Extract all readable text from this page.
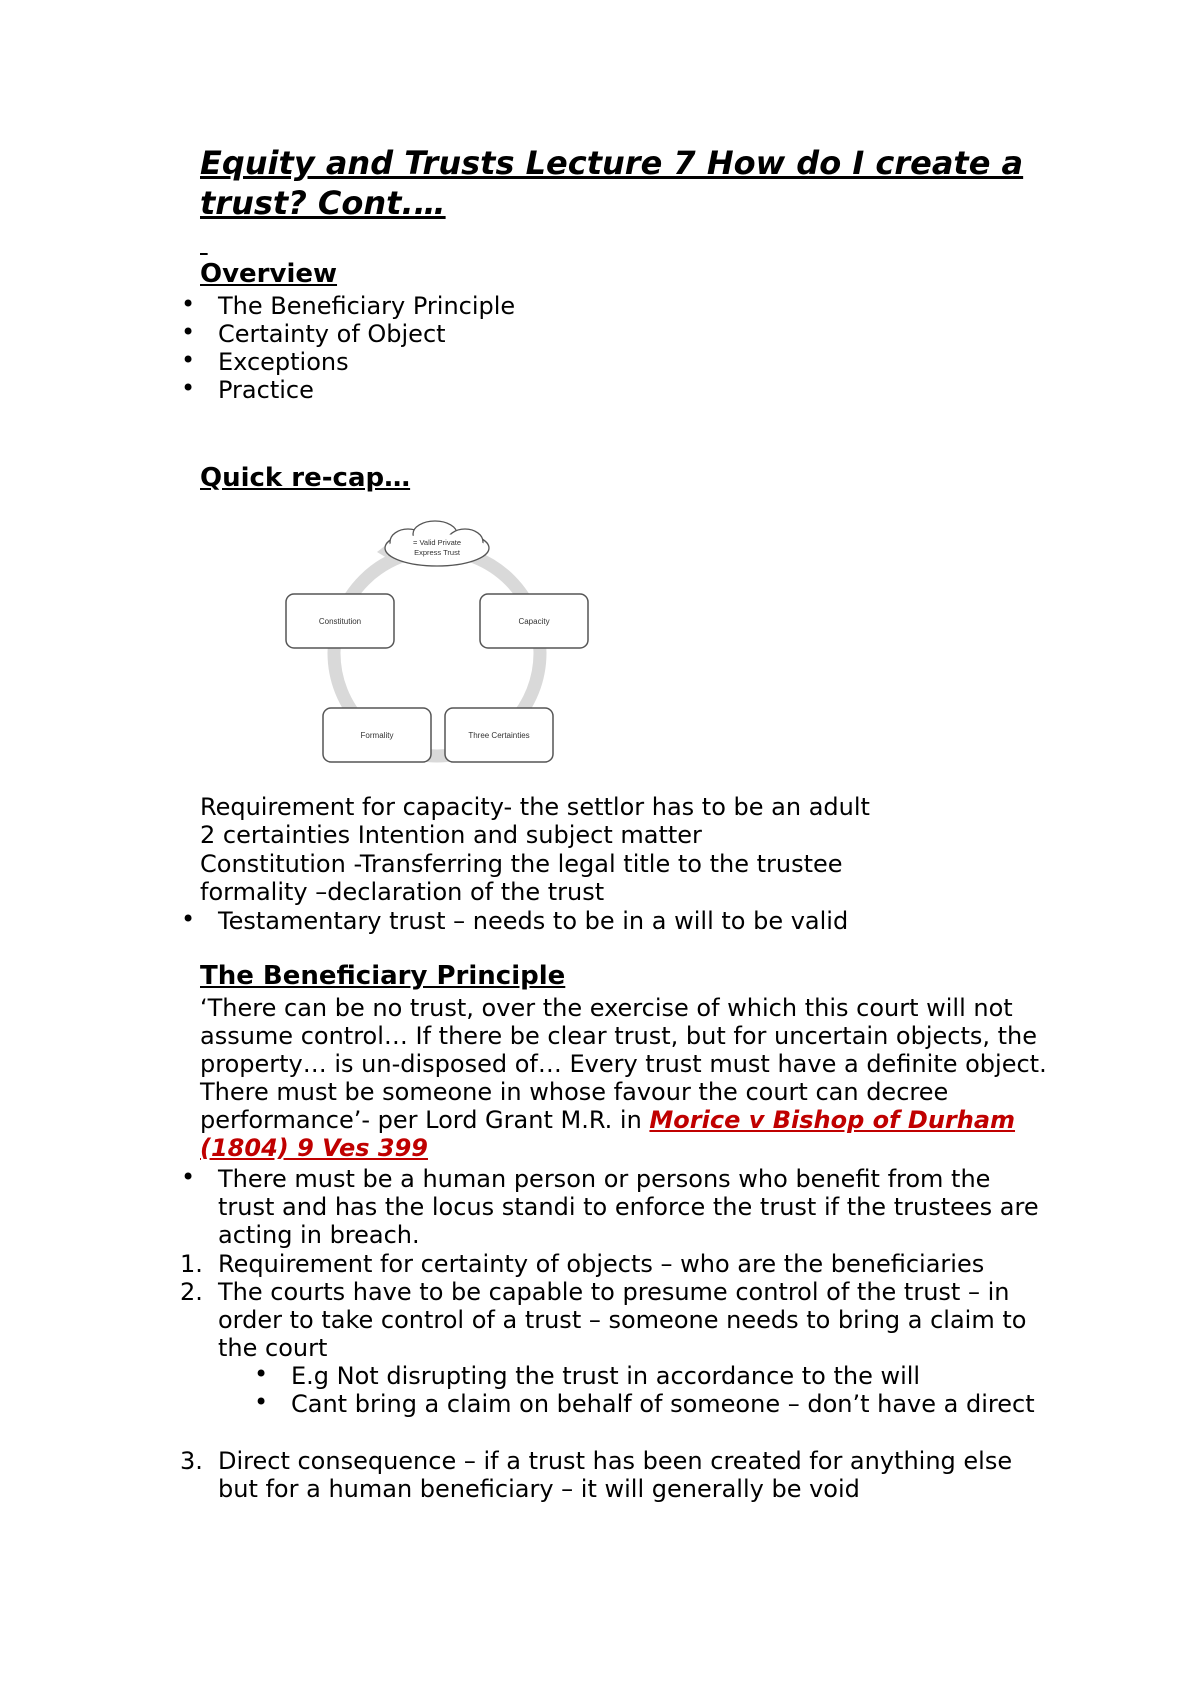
Equity and Trusts Lecture 7 How do I create a trust? Cont.…

Overview
• The Beneficiary Principle
• Certainty of Object
• Exceptions
• Practice
Quick re-cap…
= Valid Private
Express Trust
Constitution	Capacity
Formality	Three Certainties
Requirement for capacity- the settlor has to be an adult
2 certainties Intention and subject matter
Constitution -Transferring the legal title to the trustee
formality –declaration of the trust
• Testamentary trust – needs to be in a will to be valid
The Beneficiary Principle
‘There can be no trust, over the exercise of which this court will not
assume control… If there be clear trust, but for uncertain objects, the
property… is un-disposed of… Every trust must have a definite object.
There must be someone in whose favour the court can decree
performance’- per Lord Grant M.R. in Morice v Bishop of Durham
(1804) 9 Ves 399
• There must be a human person or persons who benefit from the
trust and has the locus standi to enforce the trust if the trustees are
acting in breach.
1. Requirement for certainty of objects – who are the beneficiaries
2. The courts have to be capable to presume control of the trust – in
order to take control of a trust – someone needs to bring a claim to
the court
• E.g Not disrupting the trust in accordance to the will
• Cant bring a claim on behalf of someone – don’t have a direct
3. Direct consequence – if a trust has been created for anything else
but for a human beneficiary – it will generally be void
